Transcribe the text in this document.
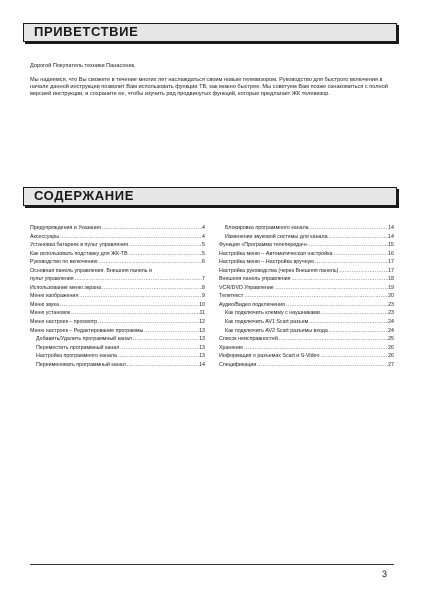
ПРИВЕТСТВИЕ
Дорогой Покупатель техники Панасоник,
Мы надеемся, что Вы сможете в течение многих лет наслаждаться своим новым телевизором. Руководство для быстрого включения в начале данной инструкции позволит Вам использовать функции ТВ, как можно быстрее. Мы советуем Вам позже ознакомиться с полной версией инструкции, и сохраните ее, чтобы изучить ряд продвинутых функций, которые предлагает ЖК телевизор.
СОДЕРЖАНИЕ
Предупреждения и Указания .....	4
Аксессуары .....	4
Установка батареек в пульт управления .....	5
Как использовать подставку для ЖК-ТВ .....	5
Руководство по включению .....	6
Основная панель управления. Внешняя панель и
пульт управления .....	7
Использование меню экрана .....	8
Меню изображения .....	9
Меню звука .....	10
Меню установок .....	11
Меню настроек – просмотр .....	12
Меню настроек – Редактирование программы .....	13
Добавить/Удалить программный канал .....	13
Переместить программный канал .....	13
Настройка программного канала .....	13
Переименовать программный канал .....	14
Блокировка программного канала .....	14
Изменение звуковой системы для канала .....	14
Функция «Программа телепередач» .....	15
Настройка меню – Автоматическая настройка .....	16
Настройка меню – Настройка вручную .....	17
Настройка руководства (через Внешняя панель) .....	17
Внешняя панель управления .....	18
VCR/DVD Управление .....	19
Телетекст .....	20
Аудио/Видео подключения .....	23
Как подключить клемму с наушниками .....	23
Как подключить AV1 Scart разъем .....	24
Как подключить AV2 Scart разъемы входа .....	24
Список неисправностей .....	25
Хранение .....	26
Информация о разъемах Scart и S-Video .....	26
Спецификации .....	27
3
